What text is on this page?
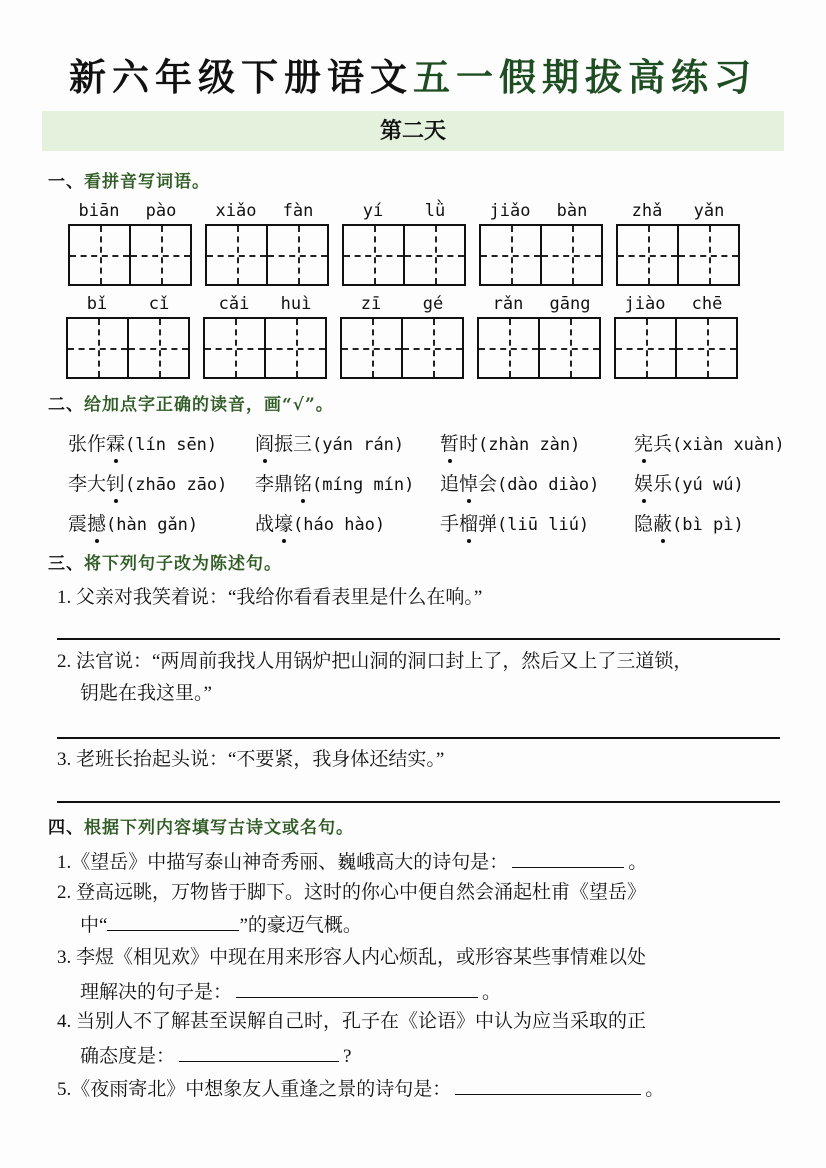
新六年级下册语文五一假期拔高练习
第二天
一、看拼音写词语。
biān	pào	xiǎo	fàn	yí	lǜ	jiǎo	bàn	zhǎ	yǎn
bǐ	cǐ	cǎi	huì	zī	gé	rǎn	gāng	jiào	chē
二、给加点字正确的读音，画“√”。
张作霖(lín sēn) 阎振三(yán rán) 暂时(zhàn zàn)	宪兵(xiàn xuàn)
李大钊(zhāo zāo) 李鼎铭(míng mín) 追悼会(dào diào) 娱乐(yú wú)
震撼(hàn gǎn)	战壕(háo hào)	手榴弹(liū liú) 隐蔽(bì pì)
三、将下列句子改为陈述句。
1. 父亲对我笑着说：“我给你看看表里是什么在响。”
2. 法官说：“两周前我找人用锅炉把山洞的洞口封上了，然后又上了三道锁，
钥匙在我这里。”
3. 老班长抬起头说：“不要紧，我身体还结实。”
四、根据下列内容填写古诗文或名句。
1.《望岳》中描写泰山神奇秀丽、巍峨高大的诗句是：	。
2. 登高远眺，万物皆于脚下。这时的你心中便自然会涌起杜甫《望岳》
中“	”的豪迈气概。
3. 李煜《相见欢》中现在用来形容人内心烦乱，或形容某些事情难以处
理解决的句子是：	。
4. 当别人不了解甚至误解自己时，孔子在《论语》中认为应当采取的正
确态度是：	?
5.《夜雨寄北》中想象友人重逢之景的诗句是：	。
